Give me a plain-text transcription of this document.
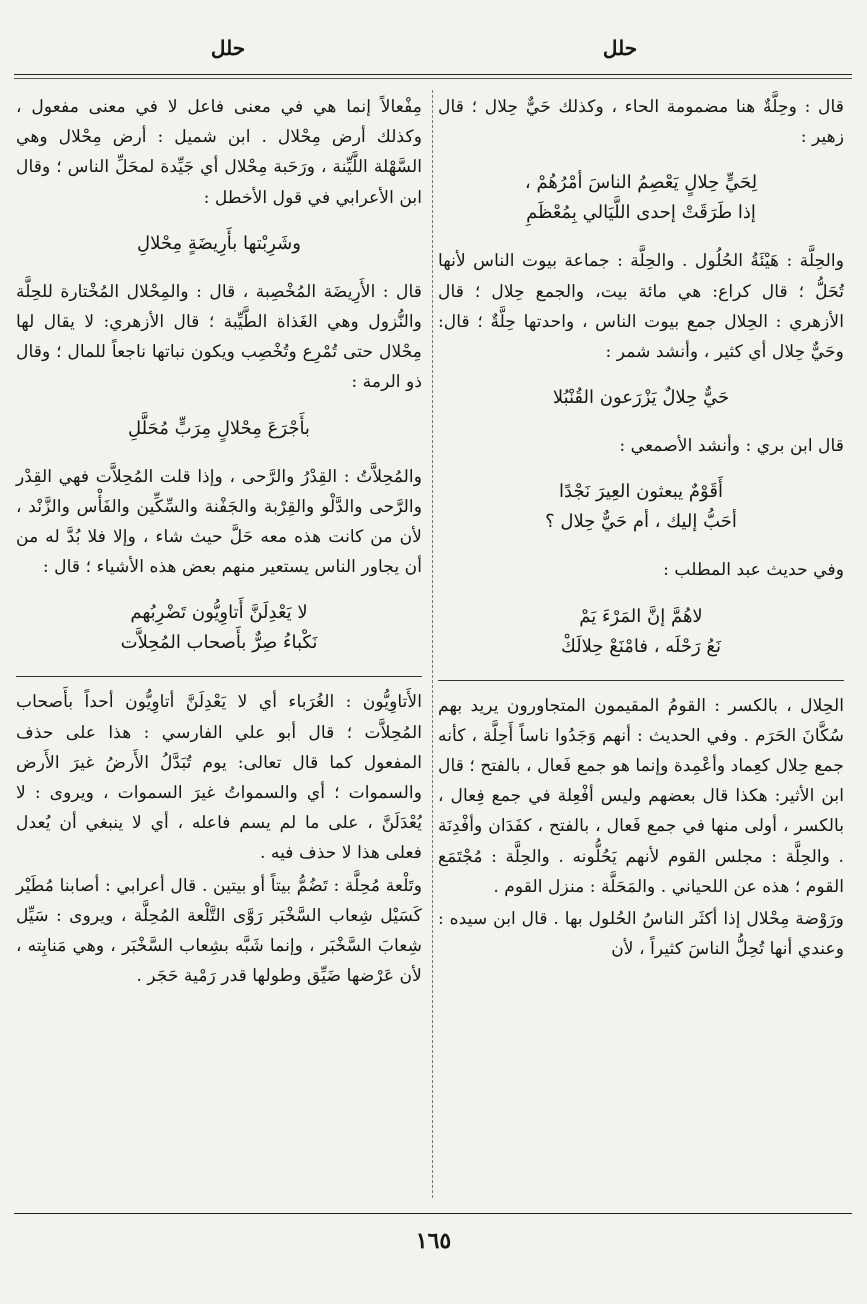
حلل
حلل

قال : وحِلَّةٌ هنا مضمومة الحاء ، وكذلك حَيٌّ حِلال ؛ قال زهير :

لِحَيٍّ حِلالٍ يَعْصِمُ الناسَ أمْرُهُمْ ،
إذا طَرَقَتْ إحدى اللَّيَالي بِمُعْظَمِ

والحِلَّة : هَيْئَةُ الحُلُول . والحِلَّة : جماعة بيوت الناس لأنها تُحَلُّ ؛ قال كراع: هي مائة بيت، والجمع حِلال ؛ قال الأزهري : الحِلال جمع بيوت الناس ، واحدتها حِلَّةٌ ؛ قال: وحَيٌّ حِلال أي كثير ، وأنشد شمر :

حَيٌّ حِلالٌ يَزْرَعون القُنْبُلا

قال ابن بري : وأنشد الأصمعي :

أَقَوْمٌ يبعثون العِيرَ نَجْدًا
أحَبُّ إليك ، أم حَيٌّ حِلال ؟

وفي حديث عبد المطلب :

لاهُمَّ إنَّ المَرْءَ يَمْ
نَعُ رَحْلَه ، فامْنَعْ حِلالَكْ

الحِلال ، بالكسر : القومُ المقيمون المتجاورون يريد بهم سُكَّانَ الحَرَم . وفي الحديث : أنهم وَجَدُوا ناساً أَحِلَّة ، كأنه جمع حِلال كعِماد وأعْمِدة وإنما هو جمع فَعال ، بالفتح ؛ قال ابن الأثير: هكذا قال بعضهم وليس أفْعِلة في جمع فِعال ، بالكسر ، أولى منها في جمع فَعال ، بالفتح ، كفَدَان وأفْدِنَة . والحِلَّة : مجلس القوم لأنهم يَحُلُّونه . والحِلَّة : مُجْتَمَع القوم ؛ هذه عن اللحياني . والمَحَلَّة : منزل القوم .

ورَوْضة مِحْلال إذا أكثَر الناسُ الحُلول بها . قال ابن سيده : وعندي أنها تُحِلُّ الناسَ كثيراً ، لأن

مِفْعالاً إنما هي في معنى فاعل لا في معنى مفعول ، وكذلك أرض مِحْلال . ابن شميل : أرض مِحْلال وهي السَّهْلة اللَّيِّنة ، ورَحَبة مِحْلال أي جَيِّدة لمحَلِّ الناس ؛ وقال ابن الأعرابي في قول الأخطل :

وشَرِبْتها بأَرِيضَةٍ مِحْلالِ

قال : الأَرِيضَة المُخْصِبة ، قال : والمِحْلال المُخْتارة للحِلَّة والنُّزول وهي الغَذاة الطَّيِّبة ؛ قال الأزهري: لا يقال لها مِحْلال حتى تُمْرِع وتُخْصِب ويكون نباتها ناجعاً للمال ؛ وقال ذو الرمة :

بأَجْرَعَ مِحْلالٍ مِرَبٍّ مُحَلَّلِ

والمُحِلاَّتُ : القِدْرُ والرَّحى ، وإذا قلت المُحِلاَّت فهي القِدْر والرَّحى والدَّلْو والقِرْبة والجَفْنة والسِّكِّين والفَأْس والزَّنْد ، لأن من كانت هذه معه حَلَّ حيث شاء ، وإلا فلا بُدَّ له من أن يجاور الناس يستعير منهم بعض هذه الأشياء ؛ قال :

لا يَعْدِلَنَّ أَتاوِيُّون تَضْرِبُهم
نَكْباءُ صِرٌّ بأَصحاب المُحِلاَّت

الأَتاوِيُّون : الغُرَباء أي لا يَعْدِلَنَّ أتاوِيُّون أحداً بأَصحاب المُحِلاَّت ؛ قال أبو علي الفارسي : هذا على حذف المفعول كما قال تعالى: يوم تُبَدَّلُ الأَرضُ غيرَ الأَرض والسموات ؛ أي والسمواتُ غيرَ السموات ، ويروى : لا يُعْدَلَنَّ ، على ما لم يسم فاعله ، أي لا ينبغي أن يُعدل فعلى هذا لا حذف فيه .

وتَلْعة مُحِلَّة : تَضُمُّ بيتاً أو بيتين . قال أعرابي : أصابنا مُطَيْر كَسَيْل شِعاب السَّخْبَر رَوَّى التَّلْعة المُحِلَّة ، ويروى : سَيِّل شِعابَ السَّخْبَر ، وإنما شَبَّه بشِعاب السَّخْبَر ، وهي مَنابِته ، لأن عَرْضها ضَيِّق وطولها قدر رَمْية حَجَر .

١٦٥
